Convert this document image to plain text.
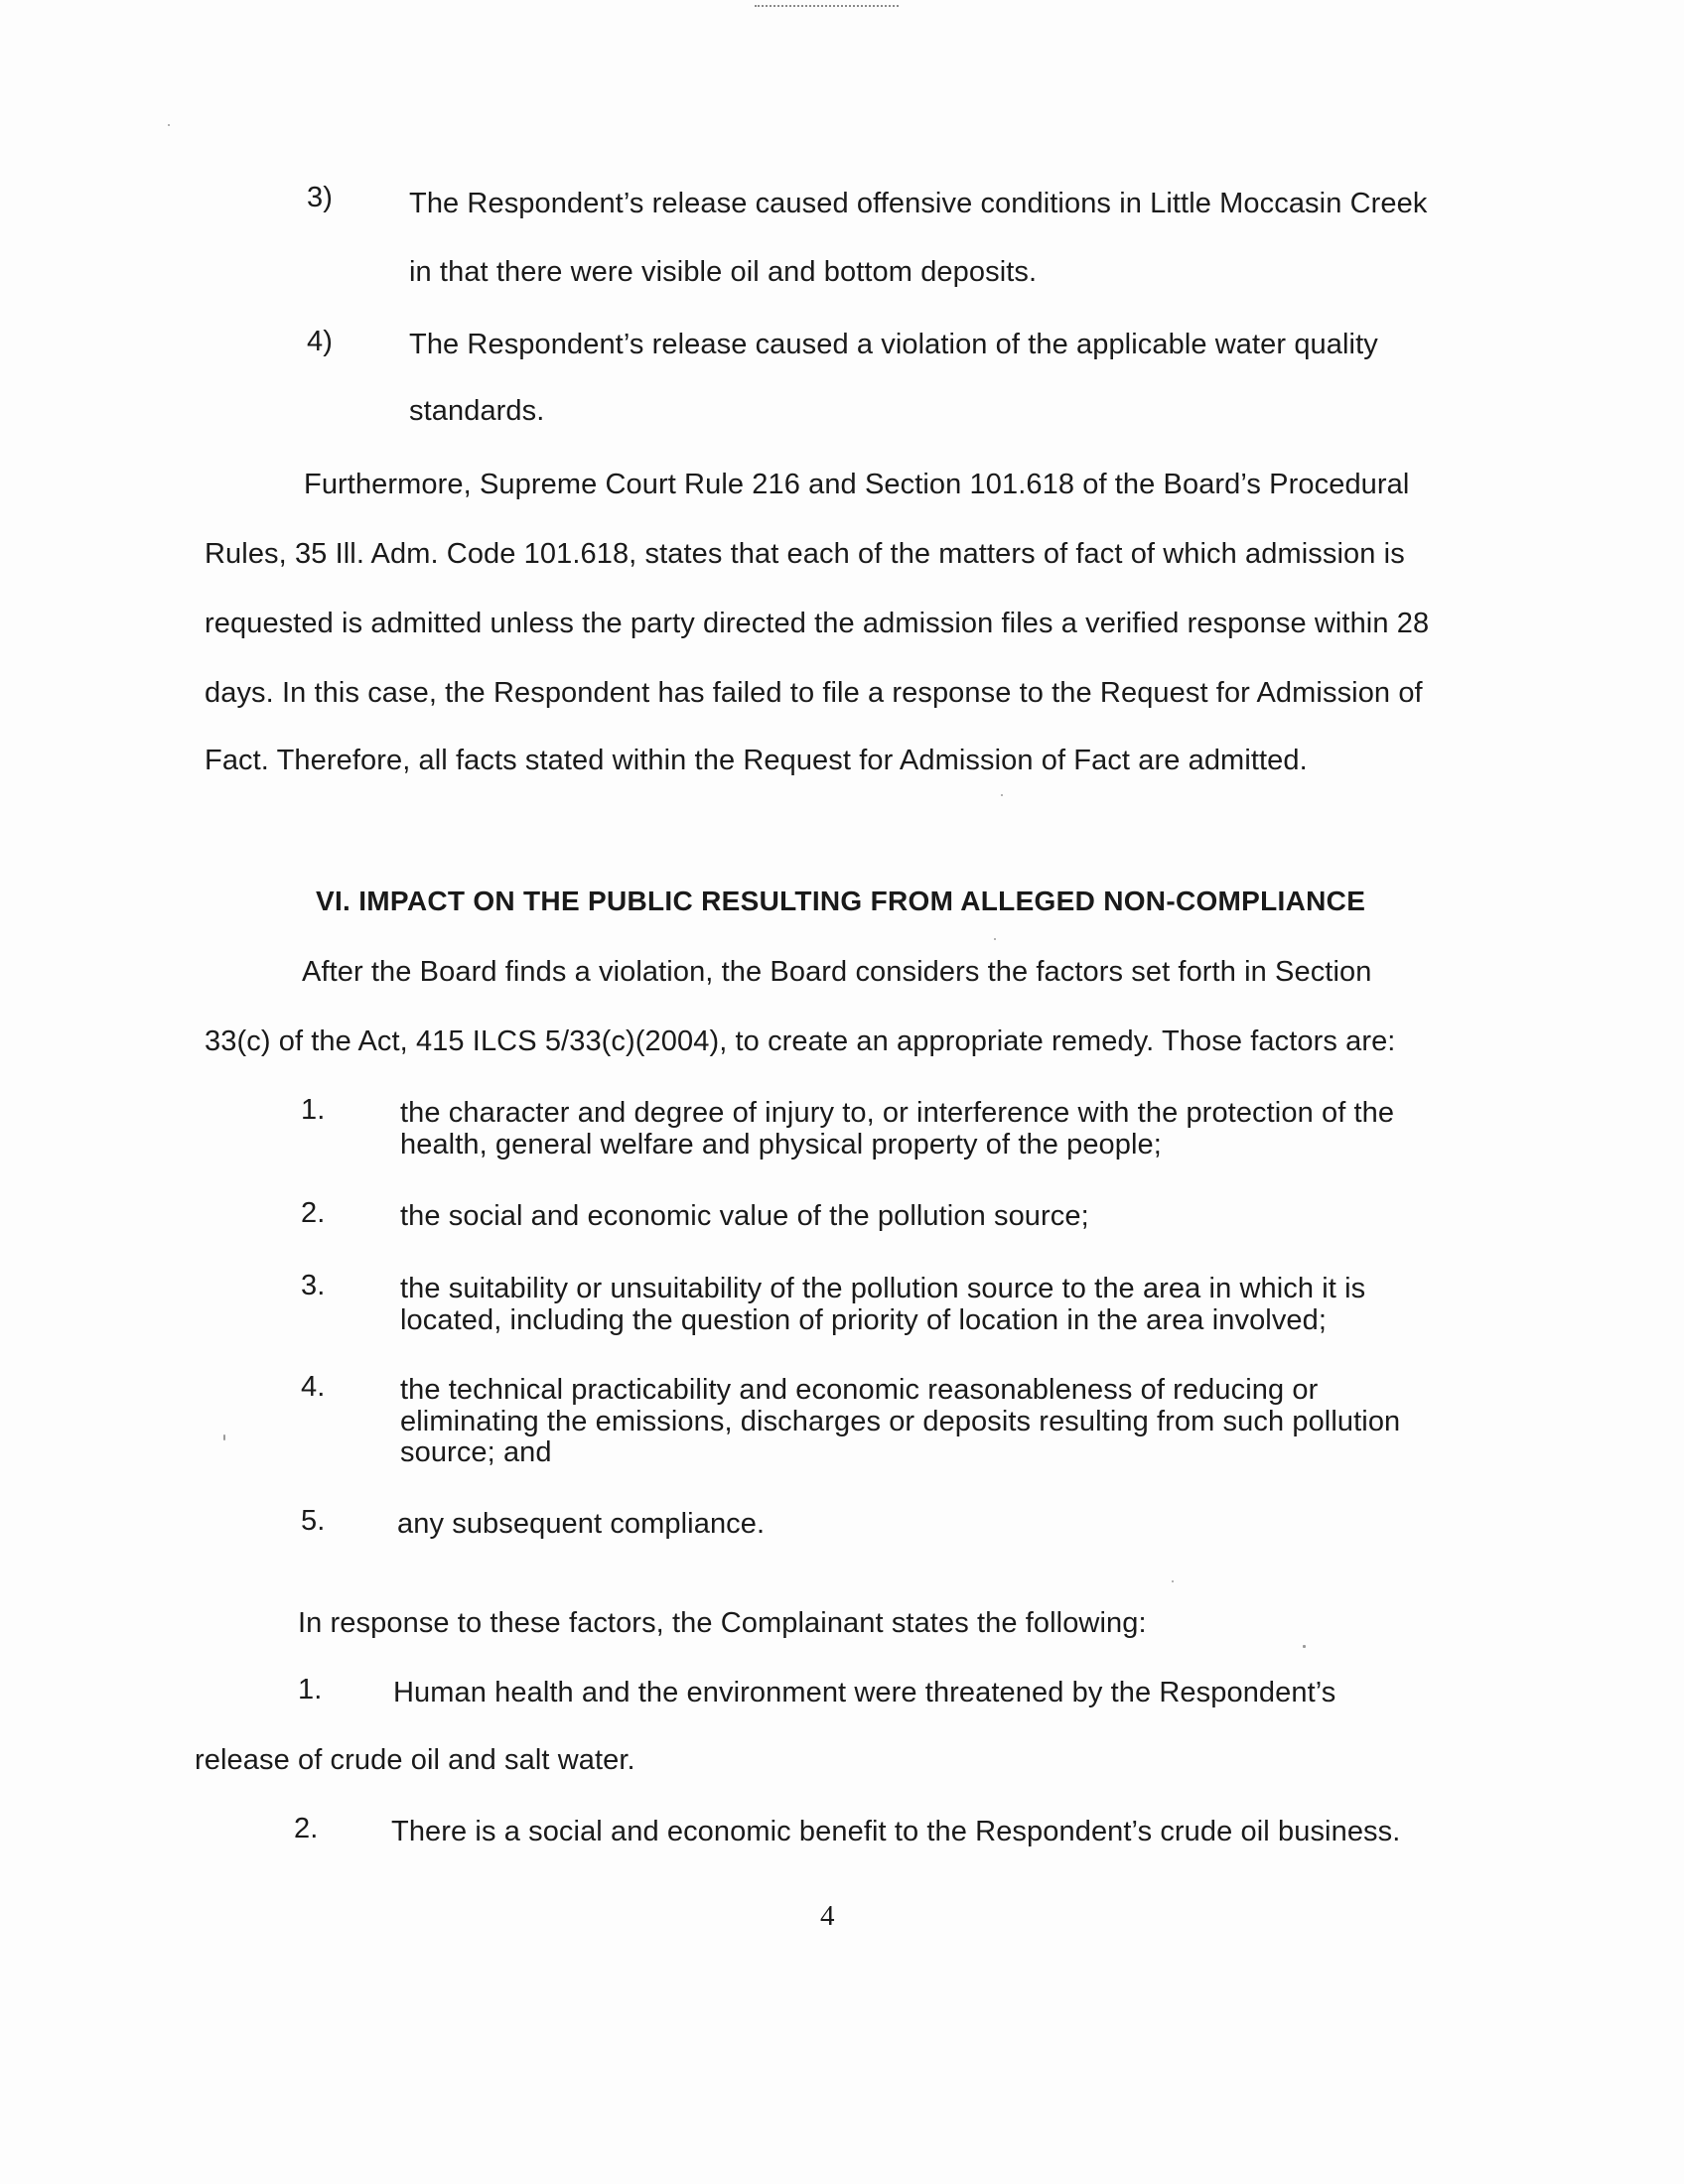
3)	The Respondent’s release caused offensive conditions in Little Moccasin Creek
in that there were visible oil and bottom deposits.
4)	The Respondent’s release caused a violation of the applicable water quality
standards.
Furthermore, Supreme Court Rule 216 and Section 101.618 of the Board’s Procedural
Rules, 35 Ill. Adm. Code 101.618, states that each of the matters of fact of which admission is
requested is admitted unless the party directed the admission files a verified response within 28
days. In this case, the Respondent has failed to file a response to the Request for Admission of
Fact. Therefore, all facts stated within the Request for Admission of Fact are admitted.
VI. IMPACT ON THE PUBLIC RESULTING FROM ALLEGED NON-COMPLIANCE
After the Board finds a violation, the Board considers the factors set forth in Section
33(c) of the Act, 415 ILCS 5/33(c)(2004), to create an appropriate remedy. Those factors are:
1.	the character and degree of injury to, or interference with the protection of the
health, general welfare and physical property of the people;
2.	the social and economic value of the pollution source;
3.	the suitability or unsuitability of the pollution source to the area in which it is
located, including the question of priority of location in the area involved;
4.	the technical practicability and economic reasonableness of reducing or
eliminating the emissions, discharges or deposits resulting from such pollution
source; and
5.	any subsequent compliance.
In response to these factors, the Complainant states the following:
1. Human health and the environment were threatened by the Respondent’s
release of crude oil and salt water.
2.	There is a social and economic benefit to the Respondent’s crude oil business.
4
